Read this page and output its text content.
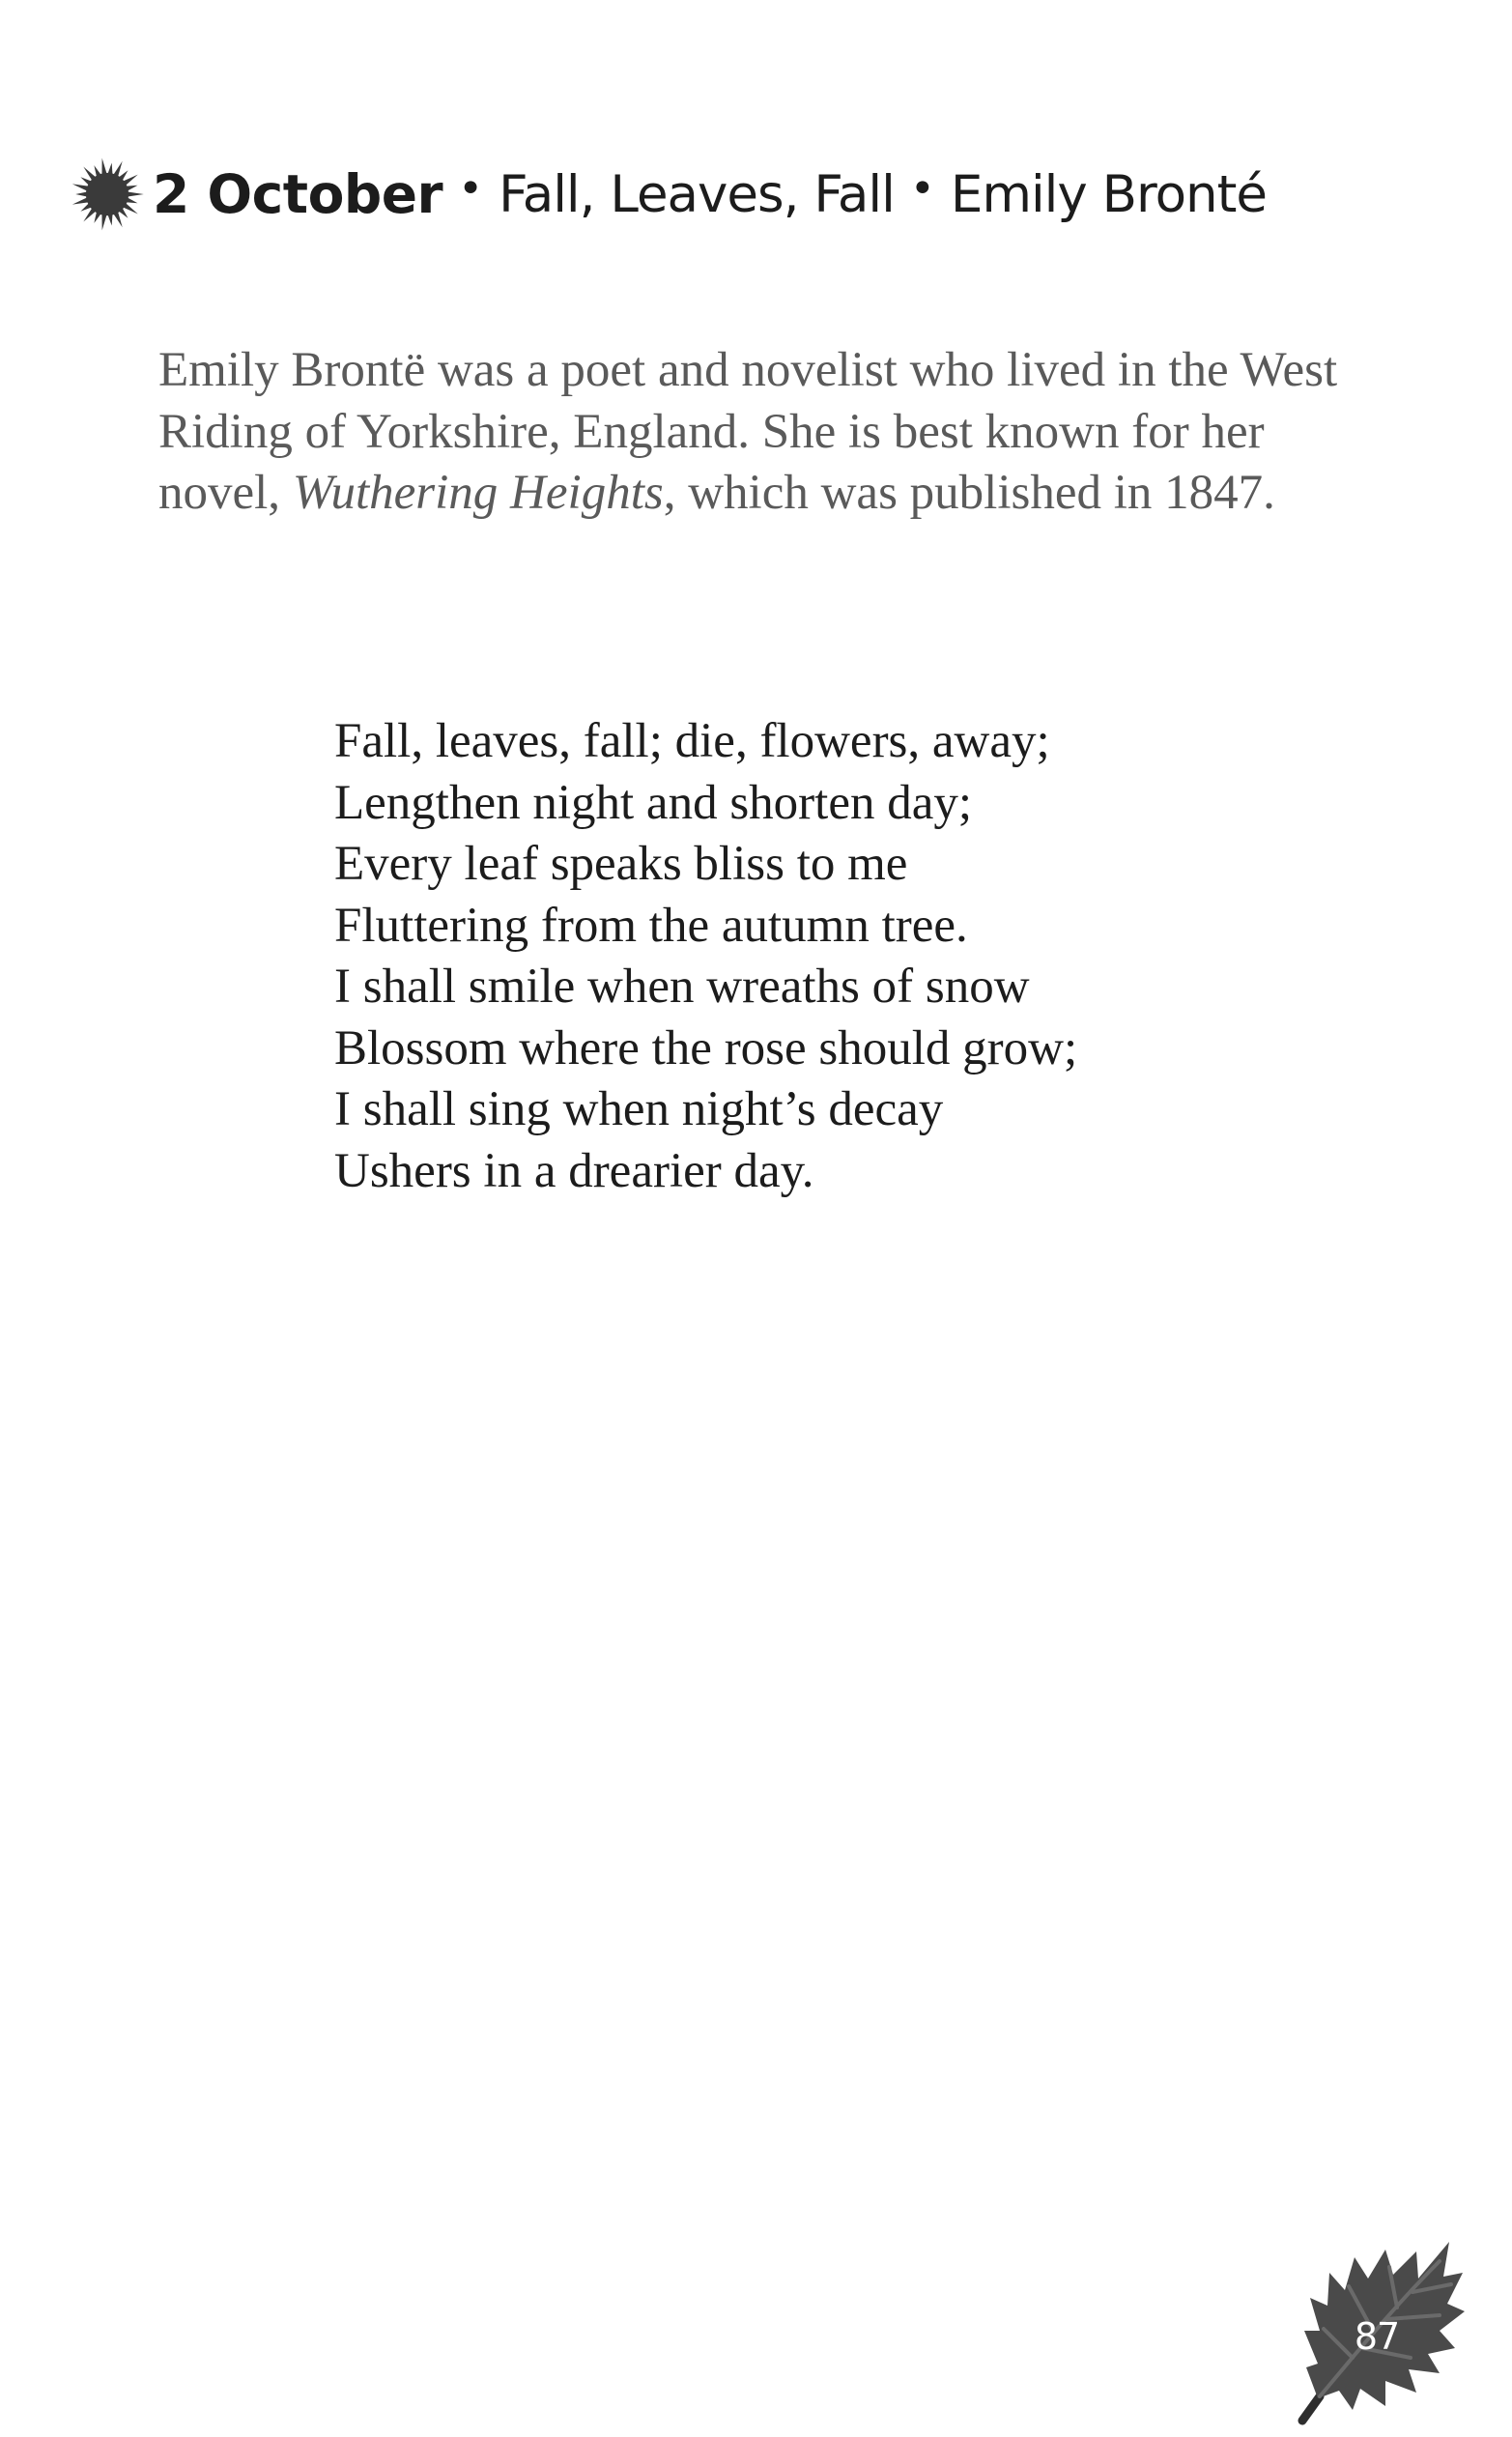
2 October • Fall, Leaves, Fall • Emily Bronté

Emily Brontë was a poet and novelist who lived in the West Riding of Yorkshire, England. She is best known for her novel, Wuthering Heights, which was published in 1847.

Fall, leaves, fall; die, flowers, away;
Lengthen night and shorten day;
Every leaf speaks bliss to me
Fluttering from the autumn tree.
I shall smile when wreaths of snow
Blossom where the rose should grow;
I shall sing when night’s decay
Ushers in a drearier day.
87
